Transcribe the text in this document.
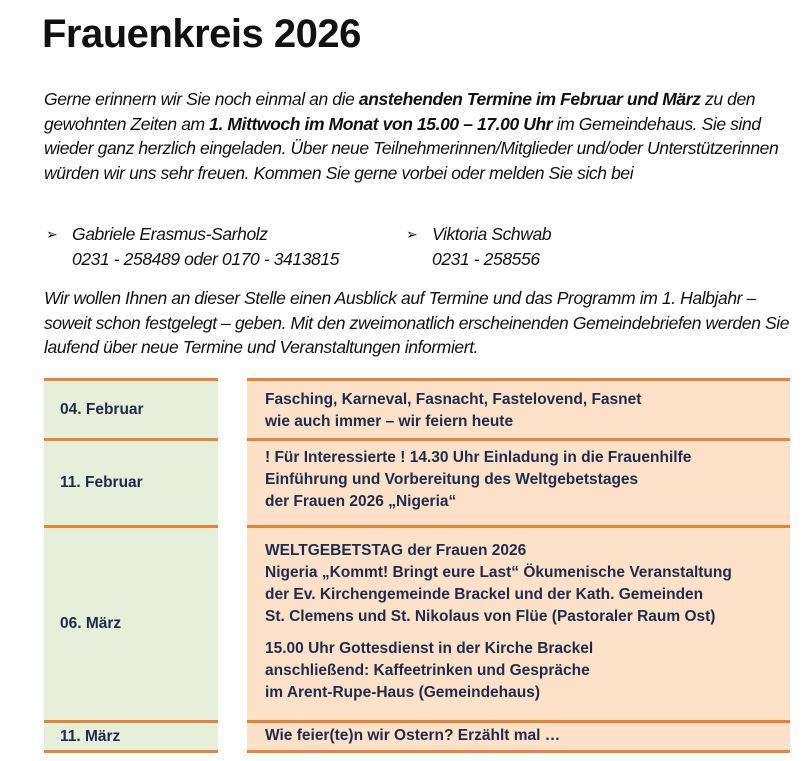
Frauenkreis 2026
Gerne erinnern wir Sie noch einmal an die anstehenden Termine im Februar und März zu den gewohnten Zeiten am 1. Mittwoch im Monat von 15.00 – 17.00 Uhr im Gemeindehaus. Sie sind wieder ganz herzlich eingeladen. Über neue Teilnehmerinnen/Mitglieder und/oder Unterstützerinnen würden wir uns sehr freuen. Kommen Sie gerne vorbei oder melden Sie sich bei
➢ Gabriele Erasmus-Sarholz
0231 - 258489 oder 0170 - 3413815
➢ Viktoria Schwab
0231 - 258556
Wir wollen Ihnen an dieser Stelle einen Ausblick auf Termine und das Programm im 1. Halbjahr – soweit schon festgelegt – geben. Mit den zweimonatlich erscheinenden Gemeindebriefen werden Sie laufend über neue Termine und Veranstaltungen informiert.
04. Februar
Fasching, Karneval, Fasnacht, Fastelovend, Fasnet
wie auch immer – wir feiern heute
11. Februar
! Für Interessierte ! 14.30 Uhr Einladung in die Frauenhilfe
Einführung und Vorbereitung des Weltgebetstages
der Frauen 2026 „Nigeria“
06. März
WELTGEBETSTAG der Frauen 2026
Nigeria „Kommt! Bringt eure Last“ Ökumenische Veranstaltung
der Ev. Kirchengemeinde Brackel und der Kath. Gemeinden
St. Clemens und St. Nikolaus von Flüe (Pastoraler Raum Ost)
15.00 Uhr Gottesdienst in der Kirche Brackel
anschließend: Kaffeetrinken und Gespräche
im Arent-Rupe-Haus (Gemeindehaus)
11. März	Wie feier(te)n wir Ostern? Erzählt mal …
